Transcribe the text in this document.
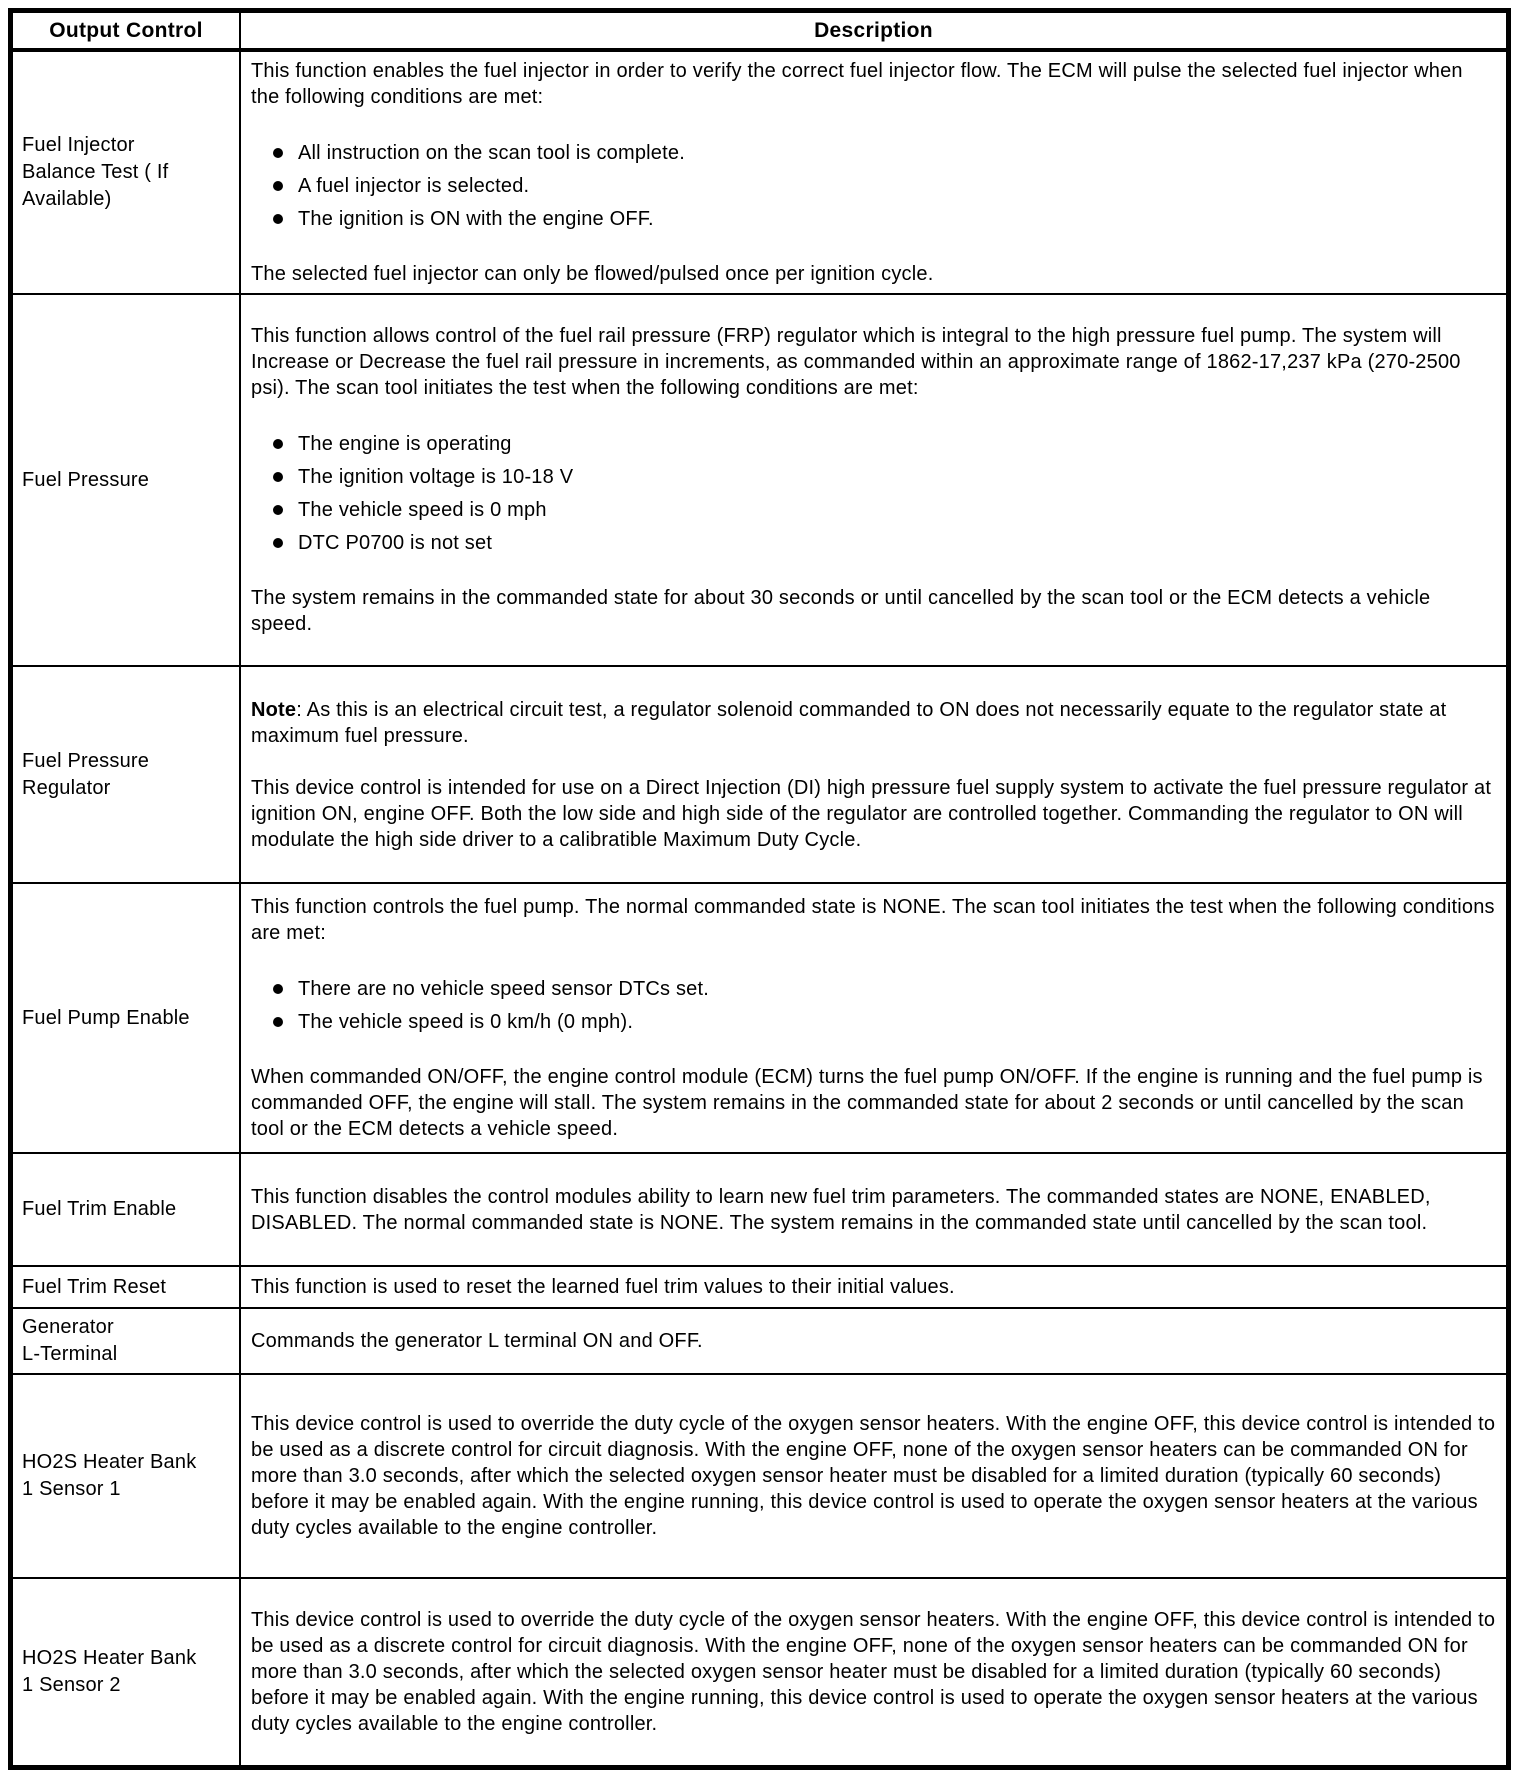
Output Control	Description
Fuel Injector
Balance Test ( If
Available)

This function enables the fuel injector in order to verify the correct fuel injector flow. The ECM will pulse the selected fuel injector when the following conditions are met:

All instruction on the scan tool is complete.
A fuel injector is selected.
The ignition is ON with the engine OFF.

The selected fuel injector can only be flowed/pulsed once per ignition cycle.

Fuel Pressure

This function allows control of the fuel rail pressure (FRP) regulator which is integral to the high pressure fuel pump. The system will Increase or Decrease the fuel rail pressure in increments, as commanded within an approximate range of 1862-17,237 kPa (270-2500 psi). The scan tool initiates the test when the following conditions are met:

The engine is operating
The ignition voltage is 10-18 V
The vehicle speed is 0 mph
DTC P0700 is not set

The system remains in the commanded state for about 30 seconds or until cancelled by the scan tool or the ECM detects a vehicle speed.

Fuel Pressure
Regulator

Note: As this is an electrical circuit test, a regulator solenoid commanded to ON does not necessarily equate to the regulator state at maximum fuel pressure.

This device control is intended for use on a Direct Injection (DI) high pressure fuel supply system to activate the fuel pressure regulator at ignition ON, engine OFF. Both the low side and high side of the regulator are controlled together. Commanding the regulator to ON will modulate the high side driver to a calibratible Maximum Duty Cycle.

Fuel Pump Enable

This function controls the fuel pump. The normal commanded state is NONE. The scan tool initiates the test when the following conditions are met:

There are no vehicle speed sensor DTCs set.
The vehicle speed is 0 km/h (0 mph).

When commanded ON/OFF, the engine control module (ECM) turns the fuel pump ON/OFF. If the engine is running and the fuel pump is commanded OFF, the engine will stall. The system remains in the commanded state for about 2 seconds or until cancelled by the scan tool or the ECM detects a vehicle speed.

Fuel Trim Enable

This function disables the control modules ability to learn new fuel trim parameters. The commanded states are NONE, ENABLED, DISABLED. The normal commanded state is NONE. The system remains in the commanded state until cancelled by the scan tool.

Fuel Trim Reset	This function is used to reset the learned fuel trim values to their initial values.

Generator
L-Terminal

Commands the generator L terminal ON and OFF.

HO2S Heater Bank
1 Sensor 1

This device control is used to override the duty cycle of the oxygen sensor heaters. With the engine OFF, this device control is intended to be used as a discrete control for circuit diagnosis. With the engine OFF, none of the oxygen sensor heaters can be commanded ON for more than 3.0 seconds, after which the selected oxygen sensor heater must be disabled for a limited duration (typically 60 seconds) before it may be enabled again. With the engine running, this device control is used to operate the oxygen sensor heaters at the various duty cycles available to the engine controller.

HO2S Heater Bank
1 Sensor 2

This device control is used to override the duty cycle of the oxygen sensor heaters. With the engine OFF, this device control is intended to be used as a discrete control for circuit diagnosis. With the engine OFF, none of the oxygen sensor heaters can be commanded ON for more than 3.0 seconds, after which the selected oxygen sensor heater must be disabled for a limited duration (typically 60 seconds) before it may be enabled again. With the engine running, this device control is used to operate the oxygen sensor heaters at the various duty cycles available to the engine controller.
